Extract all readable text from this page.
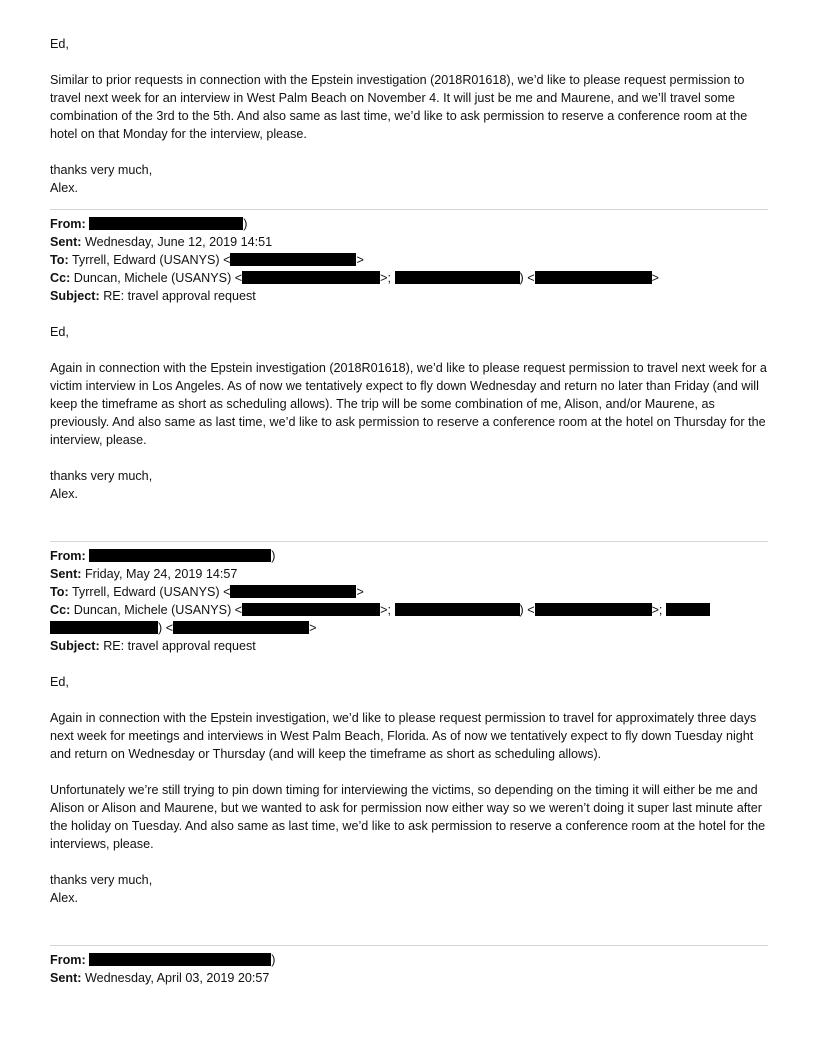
Ed,

Similar to prior requests in connection with the Epstein investigation (2018R01618), we’d like to please request permission to travel next week for an interview in West Palm Beach on November 4. It will just be me and Maurene, and we’ll travel some combination of the 3rd to the 5th. And also same as last time, we’d like to ask permission to reserve a conference room at the hotel on that Monday for the interview, please.

thanks very much,

Alex.

From:	)
Sent: Wednesday, June 12, 2019 14:51
To: Tyrrell, Edward (USANYS) <	>
Cc: Duncan, Michele (USANYS) <	>;	) <	>
Subject: RE: travel approval request

Ed,

Again in connection with the Epstein investigation (2018R01618), we’d like to please request permission to travel next week for a victim interview in Los Angeles. As of now we tentatively expect to fly down Wednesday and return no later than Friday (and will keep the timeframe as short as scheduling allows). The trip will be some combination of me, Alison, and/or Maurene, as previously. And also same as last time, we’d like to ask permission to reserve a conference room at the hotel on Thursday for the interview, please.

thanks very much,

Alex.

From:	)
Sent: Friday, May 24, 2019 14:57
To: Tyrrell, Edward (USANYS) <	>
Cc: Duncan, Michele (USANYS) <	>;	) <	>;
) <	>
Subject: RE: travel approval request

Ed,

Again in connection with the Epstein investigation, we’d like to please request permission to travel for approximately three days next week for meetings and interviews in West Palm Beach, Florida. As of now we tentatively expect to fly down Tuesday night and return on Wednesday or Thursday (and will keep the timeframe as short as scheduling allows).

Unfortunately we’re still trying to pin down timing for interviewing the victims, so depending on the timing it will either be me and Alison or Alison and Maurene, but we wanted to ask for permission now either way so we weren’t doing it super last minute after the holiday on Tuesday. And also same as last time, we’d like to ask permission to reserve a conference room at the hotel for the interviews, please.

thanks very much,

Alex.

From:	)
Sent: Wednesday, April 03, 2019 20:57
